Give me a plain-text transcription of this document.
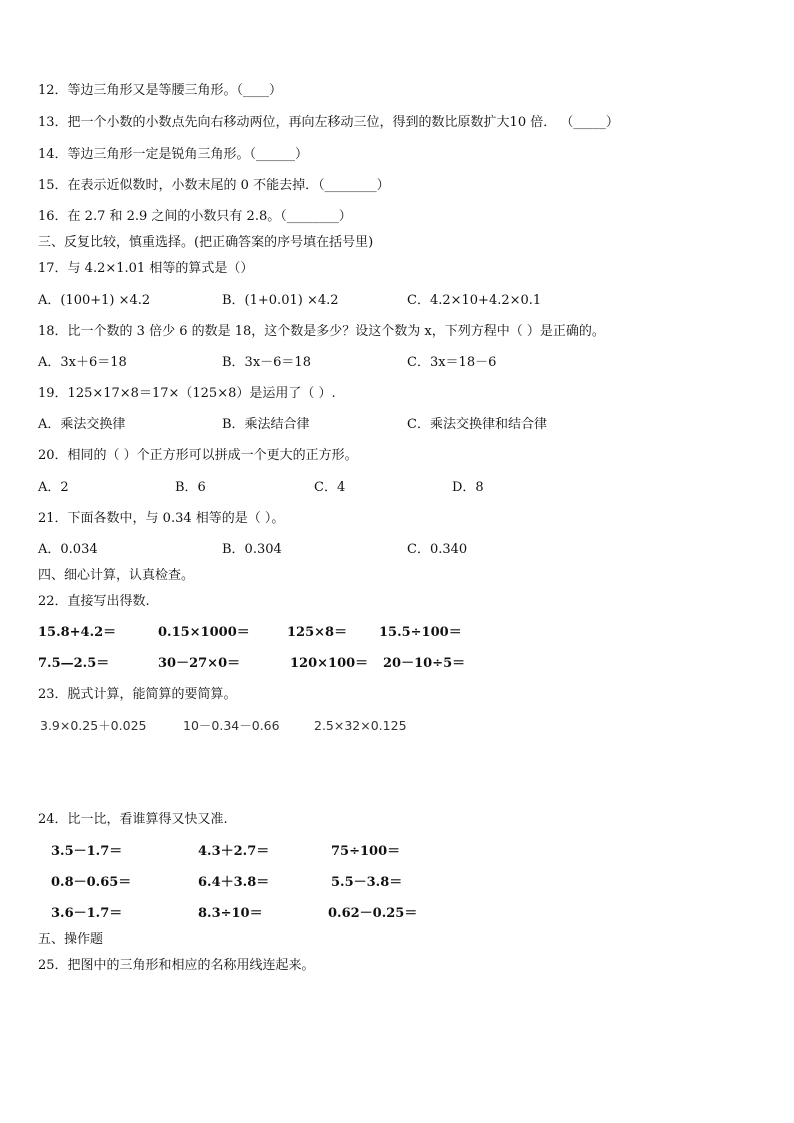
12．等边三角形又是等腰三角形。（____）
13．把一个小数的小数点先向右移动两位，再向左移动三位，得到的数比原数扩大10 倍． （_____）
14．等边三角形一定是锐角三角形。（______）
15．在表示近似数时，小数末尾的 0 不能去掉．（________）
16．在 2.7 和 2.9 之间的小数只有 2.8。（________）
三、反复比较，慎重选择。(把正确答案的序号填在括号里)
17．与 4.2×1.01 相等的算式是（）
A．(100+1) ×4.2	B．(1+0.01) ×4.2	C．4.2×10+4.2×0.1
18．比一个数的 3 倍少 6 的数是 18，这个数是多少？设这个数为 x，下列方程中（ ）是正确的。
A．3x＋6＝18	B．3x－6＝18	C．3x＝18－6
19．125×17×8＝17×（125×8）是运用了（ ）.
A．乘法交换律	B．乘法结合律	C．乘法交换律和结合律
20．相同的（ ）个正方形可以拼成一个更大的正方形。
A．2	B．6	C．4	D．8
21．下面各数中，与 0.34 相等的是（ ）。
A．0.034	B．0.304	C．0.340
四、细心计算，认真检查。
22．直接写出得数.
15.8+4.2＝	0.15×1000＝	125×8＝ 15.5÷100＝
7.5—2.5＝	30－27×0＝	120×100＝ 20－10÷5＝
23．脱式计算，能简算的要简算。
3.9×0.25＋0.025	10－0.34－0.66	2.5×32×0.125
24．比一比，看谁算得又快又准.
3.5－1.7＝	4.3＋2.7＝	75÷100＝
0.8－0.65＝	6.4＋3.8＝	5.5－3.8＝
3.6－1.7＝	8.3÷10＝	0.62－0.25＝
五、操作题
25．把图中的三角形和相应的名称用线连起来。
